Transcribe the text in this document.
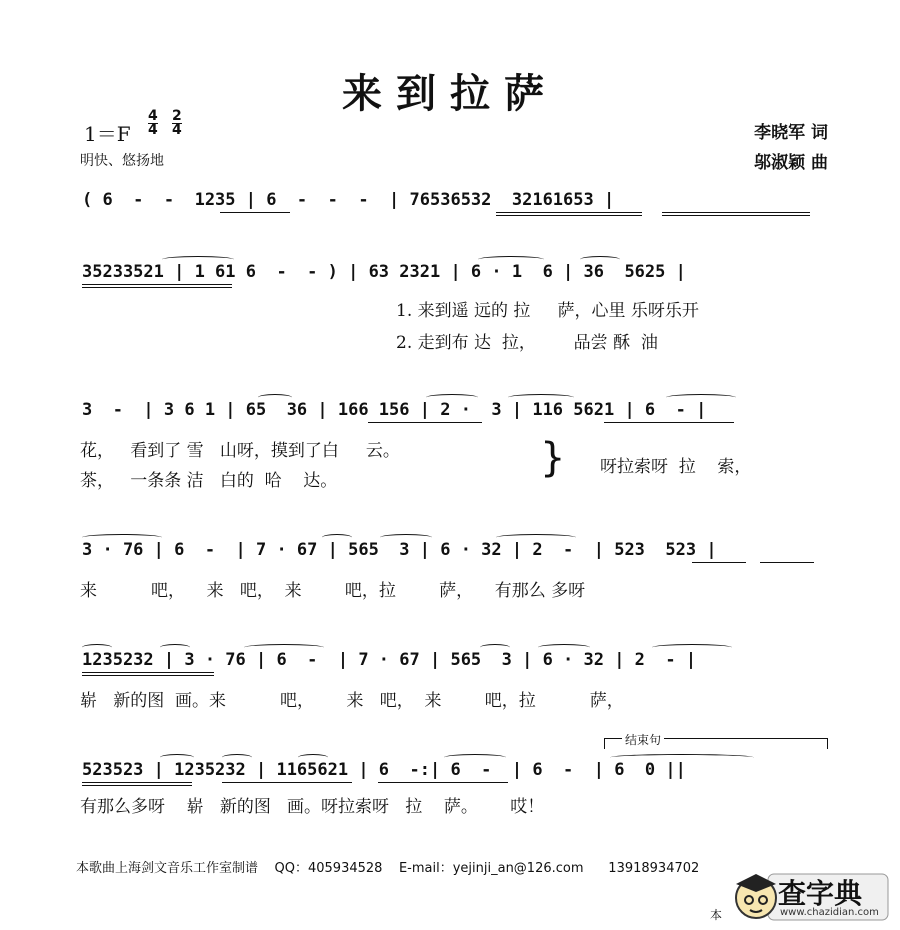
来到拉萨
1＝F
4
4
2
4
明快、悠扬地
李晓军 词
邬淑颖 曲
( 6  -  -  1235 | 6  -  -  -  | 76536532  32161653 |
35233521 | 1 61 6  -  - ) | 63 2321 | 6 · 1  6 | 36  5625 |
1. 来到遥 远的 拉     萨，心里 乐呀乐开
2. 走到布 达  拉，       品尝 酥  油
3  -  | 3 6 1 | 65  36 | 166 156 | 2 ·  3 | 116 5621 | 6  - |
花，   看到了 雪   山呀，摸到了白     云。
茶，   一条条 洁   白的  哈    达。	} 呀拉索呀  拉    索，
3 · 76 | 6  -  | 7 · 67 | 565  3 | 6 · 32 | 2  -  | 523  523 |
来          吧，    来   吧，  来        吧，拉        萨，    有那么 多呀
1235232 | 3 · 76 | 6  -  | 7 · 67 | 565  3 | 6 · 32 | 2  - |
崭   新的图  画。来          吧，      来   吧，  来        吧，拉          萨，
结束句
523523 | 1235232 | 1165621 | 6  -:| 6  -  | 6  -  | 6  0 ||
有那么多呀    崭   新的图   画。呀拉索呀   拉    萨。      哎！
本歌曲上海剑文音乐工作室制谱    QQ：405934528    E-mail：yejinji_an@126.com      13918934702
本
查字典
www.chazidian.com
